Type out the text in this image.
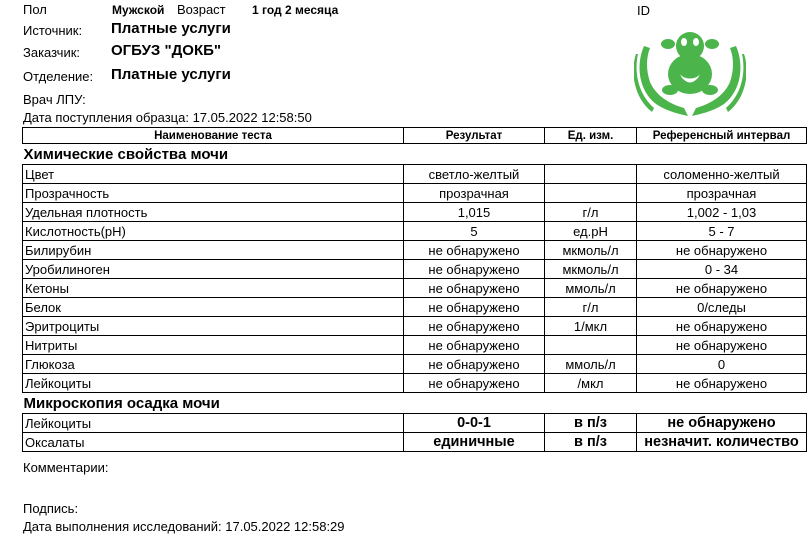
Пол	Мужской Возраст 1 год 2 месяца	ID
Источник: Платные услуги
Заказчик: ОГБУЗ "ДОКБ"
Отделение: Платные услуги
Врач ЛПУ:
Дата поступления образца: 17.05.2022 12:58:50
Наименование теста	Результат	Ед. изм.	Референсный интервал
Химические свойства мочи			
Цвет	светло-желтый		соломенно-желтый
Прозрачность	прозрачная		прозрачная
Удельная плотность	1,015	г/л	1,002 - 1,03
Кислотность(рН)	5	ед.рН	5 - 7
Билирубин	не обнаружено	мкмоль/л	не обнаружено
Уробилиноген	не обнаружено	мкмоль/л	0 - 34
Кетоны	не обнаружено	ммоль/л	не обнаружено
Белок	не обнаружено	г/л	0/следы
Эритроциты	не обнаружено	1/мкл	не обнаружено
Нитриты	не обнаружено		не обнаружено
Глюкоза	не обнаружено	ммоль/л	0
Лейкоциты	не обнаружено	/мкл	не обнаружено
Микроскопия осадка мочи			
Лейкоциты	0-0-1	в п/з	не обнаружено
Оксалаты	единичные	в п/з	незначит. количество
Комментарии:
Подпись:
Дата выполнения исследований: 17.05.2022 12:58:29
